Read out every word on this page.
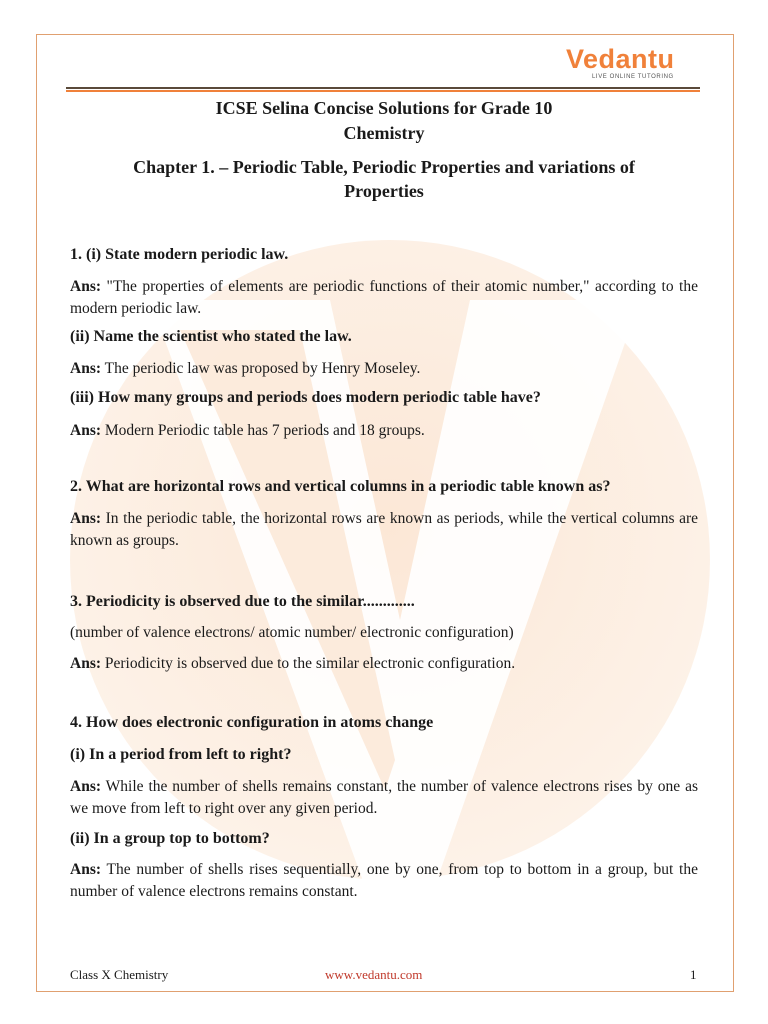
Vedantu
LIVE ONLINE TUTORING

ICSE Selina Concise Solutions for Grade 10

Chemistry

Chapter 1. – Periodic Table, Periodic Properties and variations of

Properties

1. (i) State modern periodic law.

Ans: "The properties of elements are periodic functions of their atomic number," according to the modern periodic law.

(ii) Name the scientist who stated the law.

Ans: The periodic law was proposed by Henry Moseley.

(iii) How many groups and periods does modern periodic table have?

Ans: Modern Periodic table has 7 periods and 18 groups.

2. What are horizontal rows and vertical columns in a periodic table known as?

Ans: In the periodic table, the horizontal rows are known as periods, while the vertical columns are known as groups.

3. Periodicity is observed due to the similar.............

(number of valence electrons/ atomic number/ electronic configuration)

Ans: Periodicity is observed due to the similar electronic configuration.

4. How does electronic configuration in atoms change

(i) In a period from left to right?

Ans: While the number of shells remains constant, the number of valence electrons rises by one as we move from left to right over any given period.

(ii) In a group top to bottom?

Ans: The number of shells rises sequentially, one by one, from top to bottom in a group, but the number of valence electrons remains constant.

Class X Chemistry	www.vedantu.com	1
